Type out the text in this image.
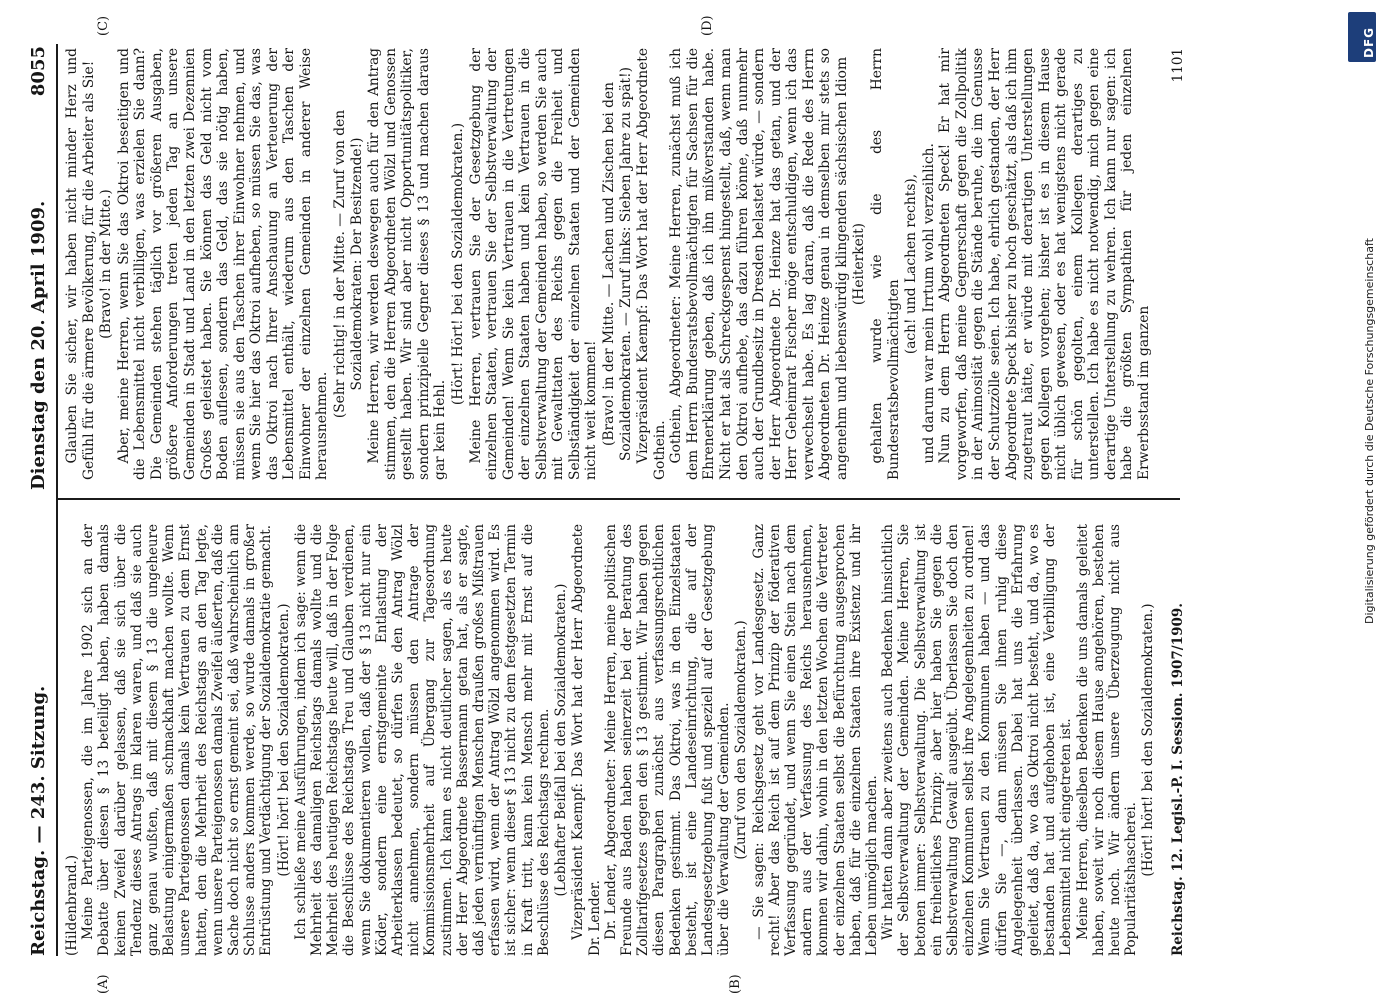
Reichstag. — 243. Sitzung.
Dienstag den 20. April 1909.
8055
(A)	(B)
(C)	(D)

(Hildenbrand.) Meine Parteigenossen, die im Jahre 1902 sich an der Debatte über diesen § 13 beteiligt haben, haben damals keinen Zweifel darüber gelassen, daß sie sich über die Tendenz dieses Antrags im klaren waren, und daß sie auch ganz genau wußten, daß mit diesem § 13 die ungeheure Belastung einigermaßen schmackhaft machen wollte. Wenn unsere Parteigenossen damals kein Vertrauen zu dem Ernst hatten, den die Mehrheit des Reichstags an den Tag legte, wenn unsere Parteigenossen damals Zweifel äußerten, daß die Sache doch nicht so ernst gemeint sei, daß wahrscheinlich am Schlusse anders kommen werde, so wurde damals in großer Entrüstung und Verdächtigung der Sozialdemokratie gemacht. (Hört! hört! bei den Sozialdemokraten.) Ich schließe meine Ausführungen, indem ich sage: wenn die Mehrheit des damaligen Reichstags damals wollte und die Mehrheit des heutigen Reichstags heute will, daß in der Folge die Beschlüsse des Reichstags Treu und Glauben verdienen, wenn Sie dokumentieren wollen, daß der § 13 nicht nur ein Köder, sondern eine ernstgemeinte Entlastung der Arbeiterklassen bedeutet, so dürfen Sie den Antrag Wölzl nicht annehmen, sondern müssen den Antrage der Kommissionsmehrheit auf Übergang zur Tagesordnung zustimmen. Ich kann es nicht deutlicher sagen, als es heute der Herr Abgeordnete Bassermann getan hat, als er sagte, daß jeden vernünftigen Menschen draußen großes Mißtrauen erfassen wird, wenn der Antrag Wölzl angenommen wird. Es ist sicher: wenn dieser § 13 nicht zu dem festgesetzten Termin in Kraft tritt, kann kein Mensch mehr mit Ernst auf die Beschlüsse des Reichstags rechnen. (Lebhafter Beifall bei den Sozialdemokraten.) Vizepräsident Kaempf: Das Wort hat der Herr Abgeordnete Dr. Lender. Dr. Lender, Abgeordneter: Meine Herren, meine politischen Freunde aus Baden haben seinerzeit bei der Beratung des Zolltarifgesetzes gegen den § 13 gestimmt. Wir haben gegen diesen Paragraphen zunächst aus verfassungsrechtlichen Bedenken gestimmt. Das Oktroi, was in den Einzelstaaten besteht, ist eine Landeseinrichtung, die auf der Landesgesetzgebung fußt und speziell auf der Gesetzgebung über die Verwaltung der Gemeinden. (Zuruf von den Sozialdemokraten.) — Sie sagen: Reichsgesetz geht vor Landesgesetz. Ganz recht! Aber das Reich ist auf dem Prinzip der föderativen Verfassung gegründet, und wenn Sie einen Stein nach dem andern aus der Verfassung des Reichs herausnehmen, kommen wir dahin, wohin in den letzten Wochen die Vertreter der einzelnen Staaten selbst die Befürchtung ausgesprochen haben, daß für die einzelnen Staaten ihre Existenz und ihr Leben unmöglich machen. Wir hatten dann aber zweitens auch Bedenken hinsichtlich der Selbstverwaltung der Gemeinden. Meine Herren, Sie betonen immer: Selbstverwaltung. Die Selbstverwaltung ist ein freiheitliches Prinzip; aber hier haben Sie gegen die Selbstverwaltung Gewalt ausgeübt. Überlassen Sie doch den einzelnen Kommunen selbst ihre Angelegenheiten zu ordnen! Wenn Sie Vertrauen zu den Kommunen haben — und das dürfen Sie —, dann müssen Sie ihnen ruhig diese Angelegenheit überlassen. Dabei hat uns die Erfahrung geleitet, daß da, wo das Oktroi nicht besteht, und da, wo es bestanden hat und aufgehoben ist, eine Verbilligung der Lebensmittel nicht eingetreten ist. Meine Herren, dieselben Bedenken die uns damals geleitet haben, soweit wir noch diesem Hause angehören, bestehen heute noch. Wir ändern unsere Überzeugung nicht aus Popularitätshascherei.

(Hört! hört! bei den Sozialdemokraten.)

Glauben Sie sicher, wir haben nicht minder Herz und Gefühl für die ärmere Bevölkerung, für die Arbeiter als Sie! (Bravo! in der Mitte.) Aber, meine Herren, wenn Sie das Oktroi beseitigen und die Lebensmittel nicht verbilligen, was erzielen Sie dann? Die Gemeinden stehen täglich vor größeren Ausgaben, größere Anforderungen treten jeden Tag an unsere Gemeinden in Stadt und Land in den letzten zwei Dezennien Großes geleistet haben. Sie können das Geld nicht vom Boden auflesen, sondern das Geld, das sie nötig haben, müssen sie aus den Taschen ihrer Einwohner nehmen, und wenn Sie hier das Oktroi aufheben, so müssen Sie das, was das Oktroi nach Ihrer Anschauung an Verteuerung der Lebensmittel enthält, wiederum aus den Taschen der Einwohner der einzelnen Gemeinden in anderer Weise herausnehmen.

(Sehr richtig! in der Mitte. — Zuruf von den Sozialdemokraten: Der Besitzende!) Meine Herren, wir werden deswegen auch für den Antrag stimmen, den die Herren Abgeordneten Wölzl und Genossen gestellt haben. Wir sind aber nicht Opportunitätspolitiker, sondern prinzipielle Gegner dieses § 13 und machen daraus gar kein Hehl.

(Hört! Hört! bei den Sozialdemokraten.) Meine Herren, vertrauen Sie der Gesetzgebung der einzelnen Staaten, vertrauen Sie der Selbstverwaltung der Gemeinden! Wenn Sie kein Vertrauen in die Vertretungen der einzelnen Staaten haben und kein Vertrauen in die Selbstverwaltung der Gemeinden haben, so werden Sie auch mit Gewalttaten des Reichs gegen die Freiheit und Selbständigkeit der einzelnen Staaten und der Gemeinden nicht weit kommen! (Bravo! in der Mitte. — Lachen und Zischen bei den Sozialdemokraten. — Zuruf links: Sieben Jahre zu spät!) Vizepräsident Kaempf: Das Wort hat der Herr Abgeordnete Gothein. Gothein, Abgeordneter: Meine Herren, zunächst muß ich dem Herrn Bundesratsbevollmächtigten für Sachsen für die Ehrenerklärung geben, daß ich ihn mißverstanden habe. Nicht er hat als Schreckgespenst hingestellt, daß, wenn man den Oktroi aufhebe, das dazu führen könne, daß nunmehr auch der Grundbesitz in Dresden belastet würde, — sondern der Herr Abgeordnete Dr. Heinze hat das getan, und der Herr Geheimrat Fischer möge entschuldigen, wenn ich das verwechselt habe. Es lag daran, daß die Rede des Herrn Abgeordneten Dr. Heinze genau in demselben mir stets so angenehm und liebenswürdig klingenden sächsischen Idiom (Heiterkeit) gehalten wurde wie die des Herrn Bundesratsbevollmächtigten

(ach! und Lachen rechts), und darum war mein Irrtum wohl verzeihlich. Nun zu dem Herrn Abgeordneten Speck! Er hat mir vorgeworfen, daß meine Gegnerschaft gegen die Zollpolitik in der Animosität gegen die Stände beruhe, die im Genusse der Schutzzölle seien. Ich habe, ehrlich gestanden, der Herr Abgeordnete Speck bisher zu hoch geschätzt, als daß ich ihm zugetraut hätte, er würde mit derartigen Unterstellungen gegen Kollegen vorgehen; bisher ist es in diesem Hause nicht üblich gewesen, oder es hat wenigstens nicht gerade für schön gegolten, einem Kollegen derartiges zu unterstellen. Ich habe es nicht notwendig, mich gegen eine derartige Unterstellung zu wehren. Ich kann nur sagen: ich habe die größten Sympathien für jeden einzelnen Erwerbsstand im ganzen

Reichstag. 12. Legisl.-P. I. Session. 1907/1909.
1101
DFG
Digitalisierung gefördert durch die Deutsche Forschungsgemeinschaft
